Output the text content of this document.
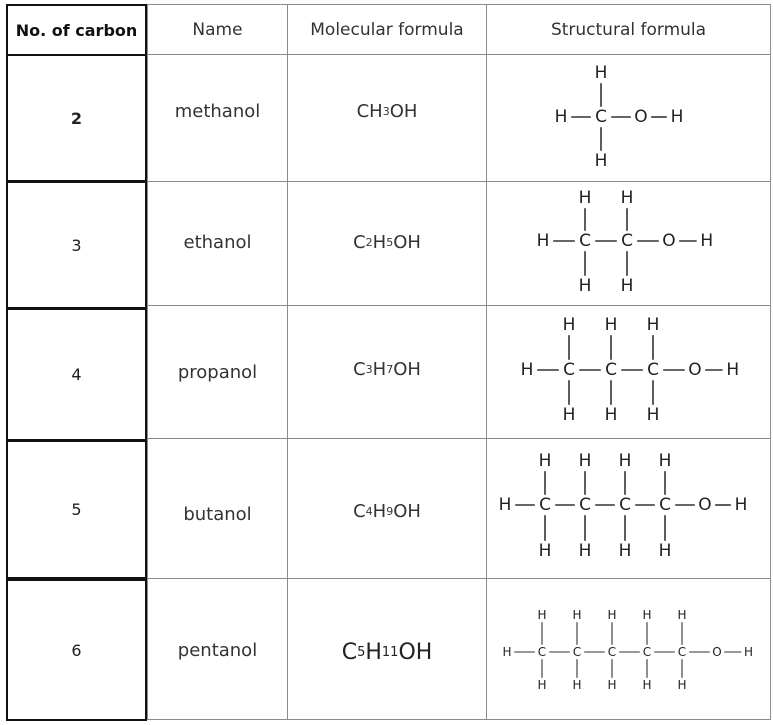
No. of carbon	Name	Molecular formula	Structural formula
2	methanol	C H 3 OH	H C
H
H
O H
3	ethanol	C 2 H 5 OH	H C
H
H
C
H
H
O H
4	propanol	C 3 H 7 OH	H C
H
H
C
H
H
C
H
H
O H
5	butanol	C 4 H 9 OH	H C
H
H
C
H
H
C
H
H
C
H
H
O H
6	pentanol	C 5 H 11 OH	H C
H
H
C
H
H
C
H
H
C
H
H
C
H
H
O H
